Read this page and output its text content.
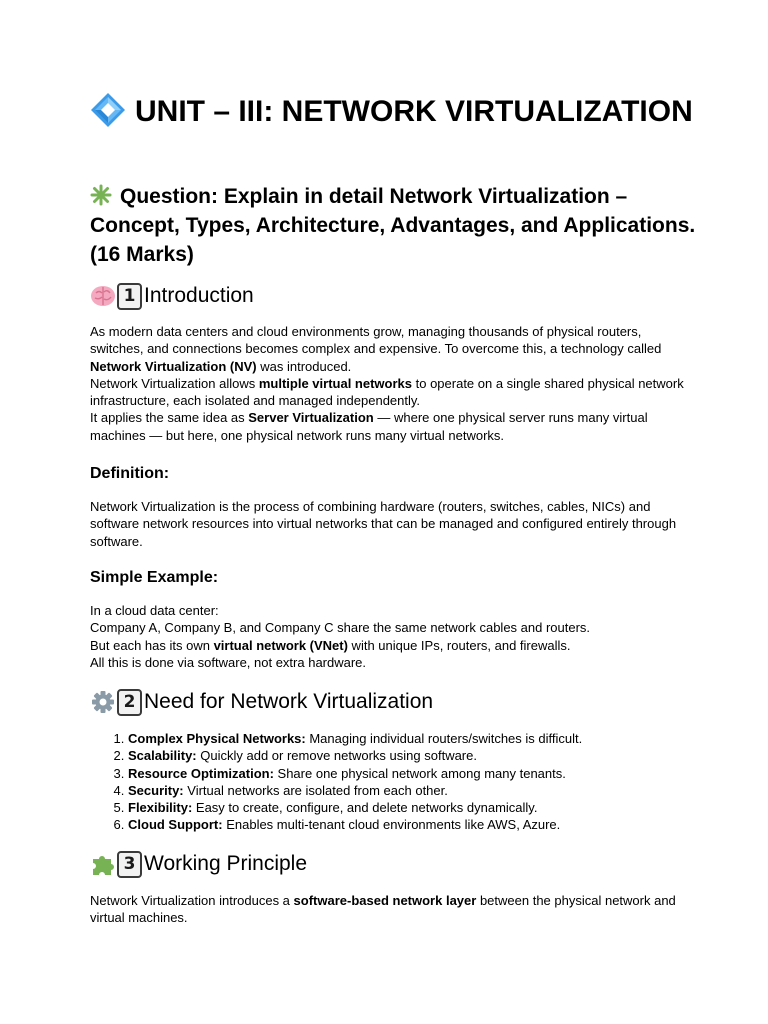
UNIT – III: NETWORK VIRTUALIZATION
Question: Explain in detail Network Virtualization – Concept, Types, Architecture, Advantages, and Applications. (16 Marks)
1 Introduction

As modern data centers and cloud environments grow, managing thousands of physical routers, switches, and connections becomes complex and expensive. To overcome this, a technology called Network Virtualization (NV) was introduced.
Network Virtualization allows multiple virtual networks to operate on a single shared physical network infrastructure, each isolated and managed independently.
It applies the same idea as Server Virtualization — where one physical server runs many virtual machines — but here, one physical network runs many virtual networks.

Definition:

Network Virtualization is the process of combining hardware (routers, switches, cables, NICs) and software network resources into virtual networks that can be managed and configured entirely through software.

Simple Example:

In a cloud data center:
Company A, Company B, and Company C share the same network cables and routers.
But each has its own virtual network (VNet) with unique IPs, routers, and firewalls.
All this is done via software, not extra hardware.

2 Need for Network Virtualization
1. Complex Physical Networks: Managing individual routers/switches is difficult.
2. Scalability: Quickly add or remove networks using software.
3. Resource Optimization: Share one physical network among many tenants.
4. Security: Virtual networks are isolated from each other.
5. Flexibility: Easy to create, configure, and delete networks dynamically.
6. Cloud Support: Enables multi-tenant cloud environments like AWS, Azure.
3 Working Principle

Network Virtualization introduces a software-based network layer between the physical network and virtual machines.
